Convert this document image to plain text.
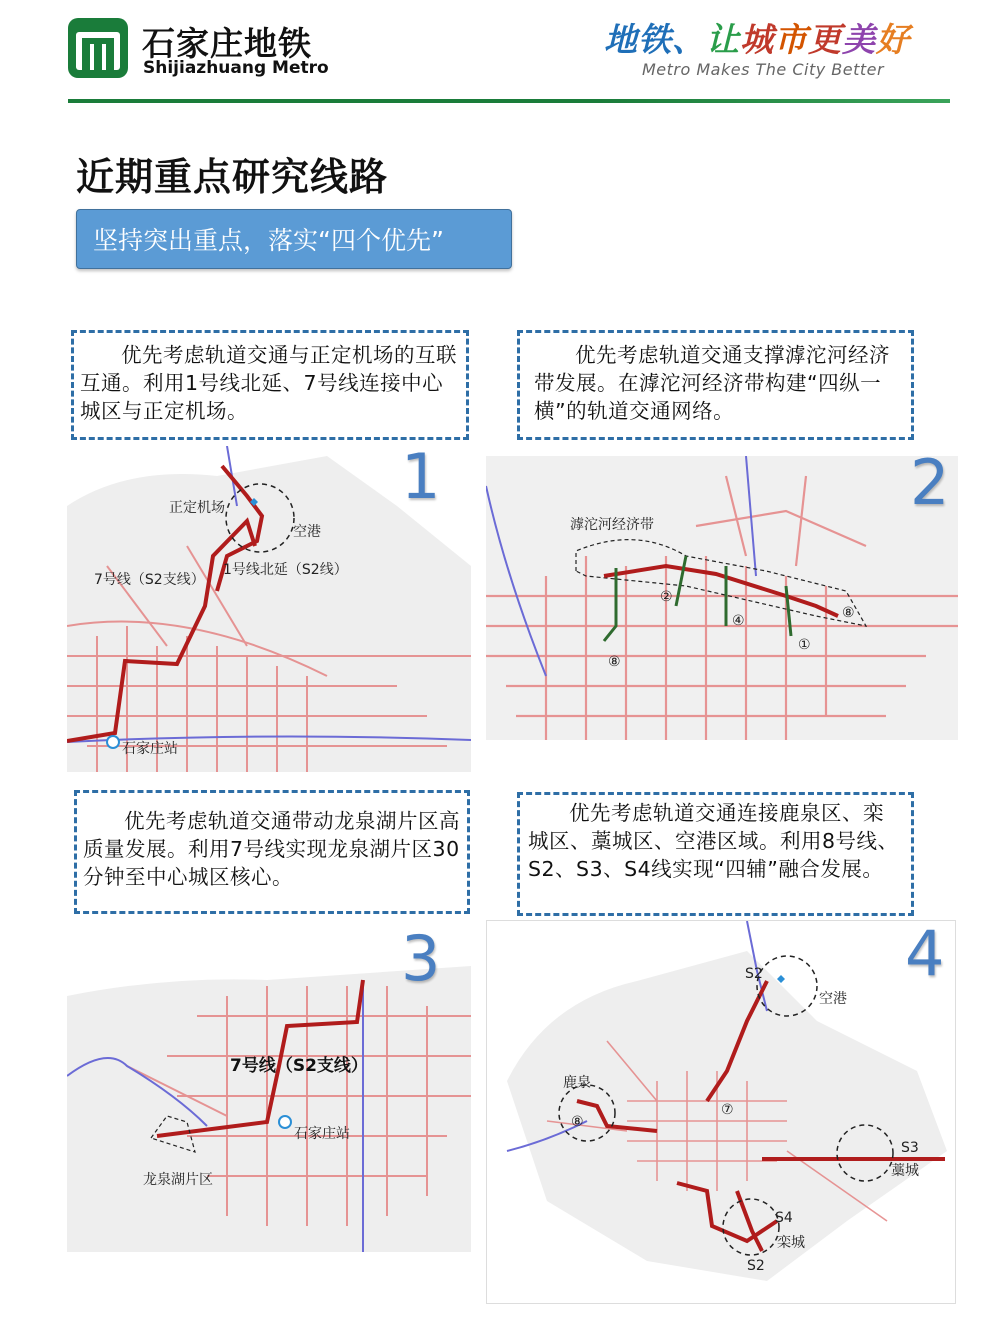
石家庄地铁
Shijiazhuang Metro
地铁、让城市更美好
Metro Makes The City Better
近期重点研究线路
坚持突出重点，落实“四个优先”

优先考虑轨道交通与正定机场的互联互通。利用1号线北延、7号线连接中心城区与正定机场。

优先考虑轨道交通支撑滹沱河经济带发展。在滹沱河经济带构建“四纵一横”的轨道交通网络。

优先考虑轨道交通带动龙泉湖片区高质量发展。利用7号线实现龙泉湖片区30分钟至中心城区核心。

优先考虑轨道交通连接鹿泉区、栾城区、藁城区、空港区域。利用8号线、S2、S3、S4线实现“四辅”融合发展。

1
正定机场
空港
1号线北延（S2线）
7号线（S2支线）
石家庄站
2
滹沱河经济带
②
④
①
⑧
⑧
3
7号线（S2支线）
石家庄站
龙泉湖片区
4
S2
空港
鹿泉
⑧
⑦
S3
藁城
S4
栾城
S2
